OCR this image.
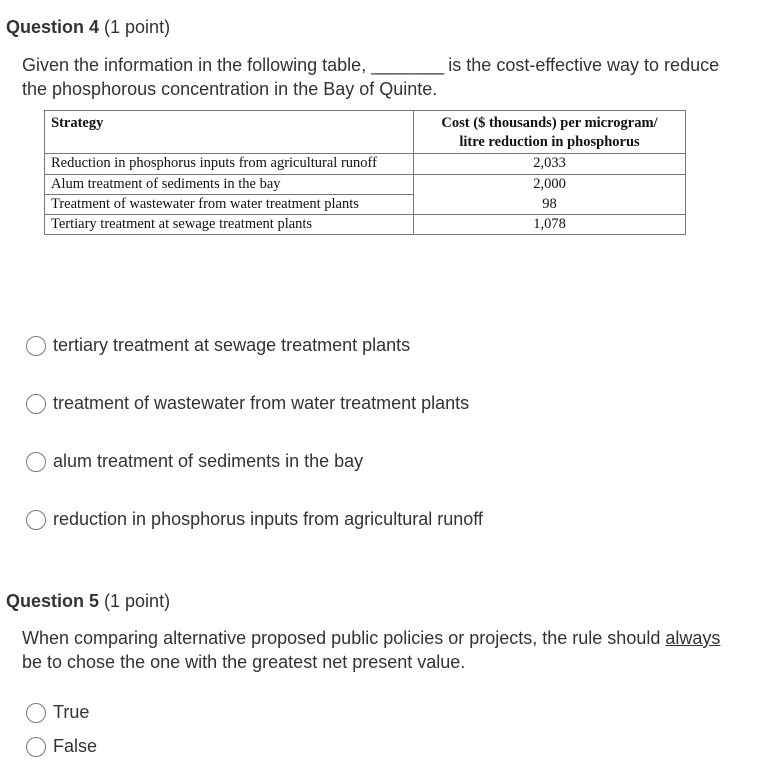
Question 4 (1 point)
Given the information in the following table, ________ is the cost-effective way to reduce the phosphorous concentration in the Bay of Quinte.
Strategy	Cost ($ thousands) per microgram/
litre reduction in phosphorus
Reduction in phosphorus inputs from agricultural runoff	2,033
Alum treatment of sediments in the bay	2,000
Treatment of wastewater from water treatment plants	98
Tertiary treatment at sewage treatment plants	1,078
tertiary treatment at sewage treatment plants
treatment of wastewater from water treatment plants
alum treatment of sediments in the bay
reduction in phosphorus inputs from agricultural runoff
Question 5 (1 point)
When comparing alternative proposed public policies or projects, the rule should always be to chose the one with the greatest net present value.
True
False
